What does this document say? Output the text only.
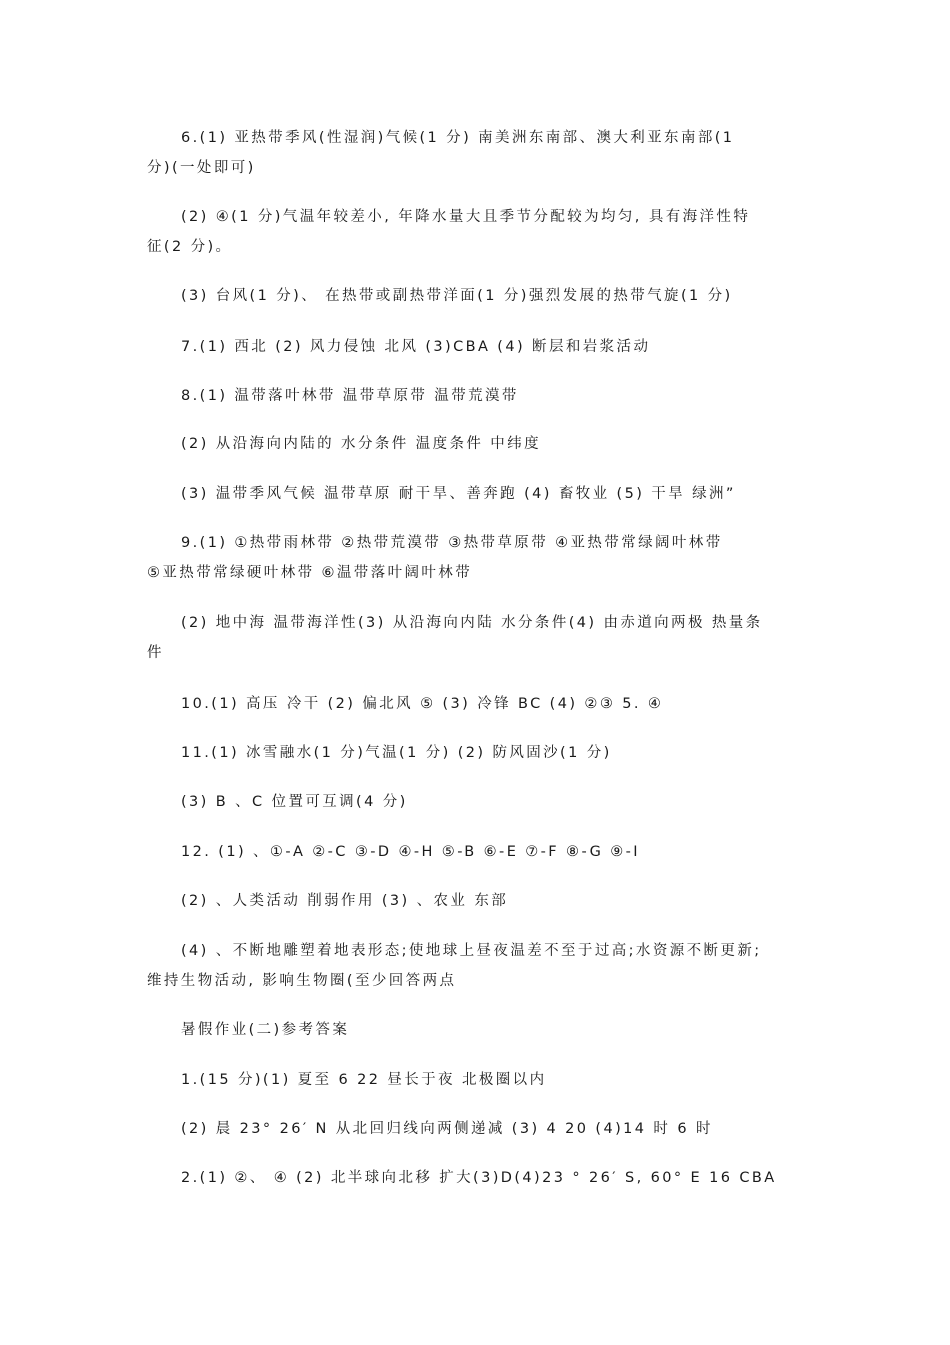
6.(1) 亚热带季风(性湿润)气候(1 分) 南美洲东南部、澳大利亚东南部(1
分)(一处即可)

(2) ④(1 分)气温年较差小, 年降水量大且季节分配较为均匀, 具有海洋性特
征(2 分)。

(3) 台风(1 分)、 在热带或副热带洋面(1 分)强烈发展的热带气旋(1 分)

7.(1) 西北 (2) 风力侵蚀 北风 (3)CBA (4) 断层和岩浆活动

8.(1) 温带落叶林带 温带草原带 温带荒漠带

(2) 从沿海向内陆的 水分条件 温度条件 中纬度

(3) 温带季风气候 温带草原 耐干旱、善奔跑 (4) 畜牧业 (5) 干旱 绿洲”

9.(1) ①热带雨林带 ②热带荒漠带 ③热带草原带 ④亚热带常绿阔叶林带
⑤亚热带常绿硬叶林带 ⑥温带落叶阔叶林带

(2) 地中海 温带海洋性(3) 从沿海向内陆 水分条件(4) 由赤道向两极 热量条
件

10.(1) 高压 冷干 (2) 偏北风 ⑤ (3) 冷锋 BC (4) ②③ 5. ④

11.(1) 冰雪融水(1 分)气温(1 分) (2) 防风固沙(1 分)

(3) B 、C 位置可互调(4 分)

12. (1) 、①-A ②-C ③-D ④-H ⑤-B ⑥-E ⑦-F ⑧-G ⑨-I

(2) 、人类活动 削弱作用 (3) 、农业 东部

(4) 、不断地雕塑着地表形态;使地球上昼夜温差不至于过高;水资源不断更新;
维持生物活动, 影响生物圈(至少回答两点

暑假作业(二)参考答案

1.(15 分)(1) 夏至 6 22 昼长于夜 北极圈以内

(2) 晨 23° 26′ N 从北回归线向两侧递减 (3) 4 20 (4)14 时 6 时

2.(1) ②、 ④ (2) 北半球向北移 扩大(3)D(4)23 ° 26′ S, 60° E 16 CBA
